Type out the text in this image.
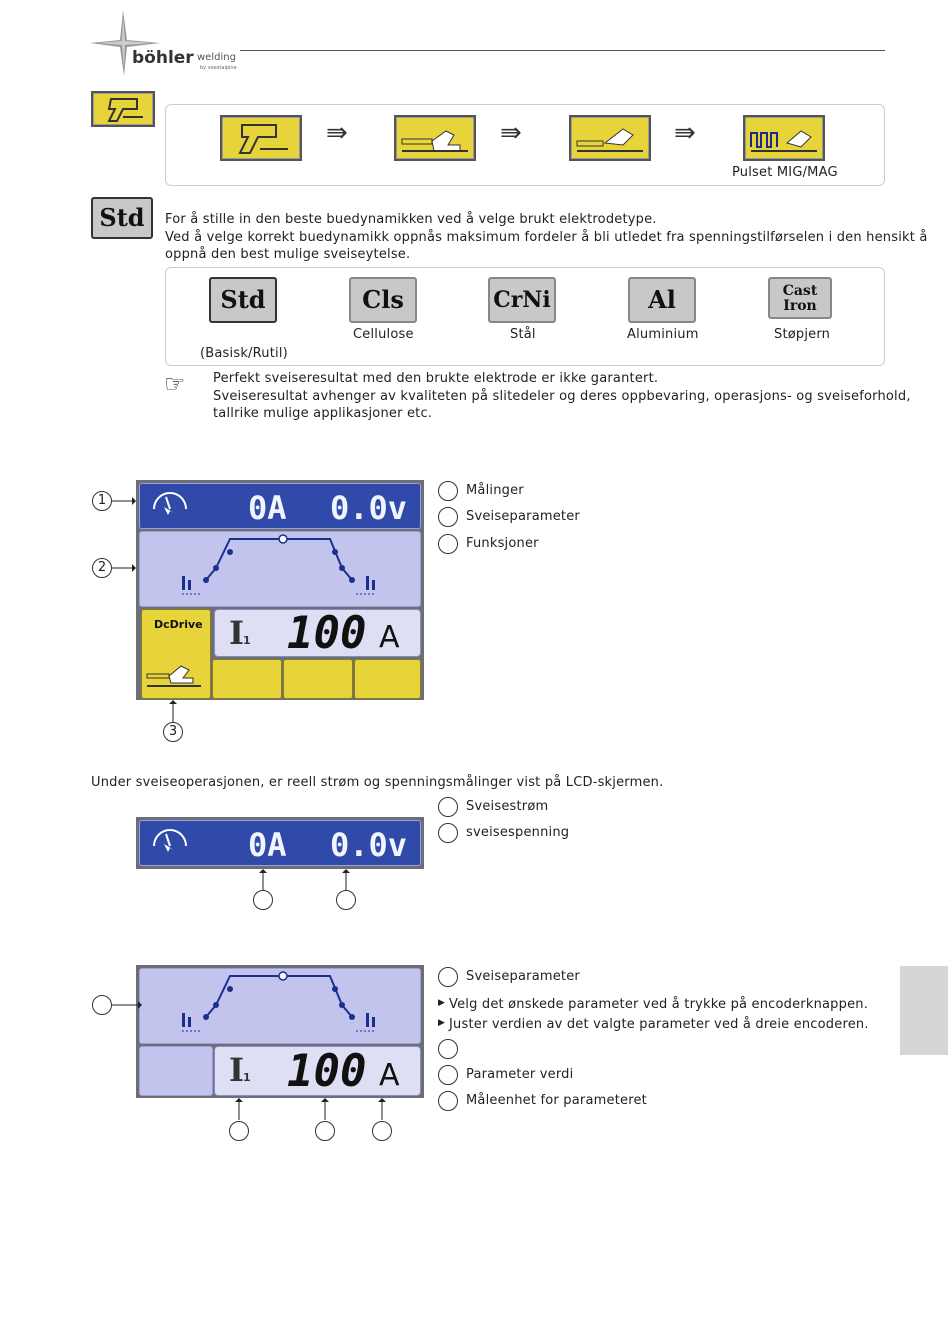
böhler welding
by voestalpine
⇛	⇛	⇛
Pulset MIG/MAG
Std	For å stille in den beste buedynamikken ved å velge brukt elektrodetype.
Ved å velge korrekt buedynamikk oppnås maksimum fordeler å bli utledet fra spenningstilførselen i den hensikt å
oppnå den best mulige sveiseytelse.
Std
(Basisk/Rutil)
Cls
Cellulose
CrNi
Stål
Al
Aluminium
Cast Iron
Støpjern
☞ Perfekt sveiseresultat med den brukte elektrode er ikke garantert.
Sveiseresultat avhenger av kvaliteten på slitedeler og deres oppbevaring, operasjons- og sveiseforhold,
tallrike mulige applikasjoner etc.
0A 0.0v
DcDrive I 1 100 A
1
2
3
Målinger
Sveiseparameter
Funksjoner
Under sveiseoperasjonen, er reell strøm og spenningsmålinger vist på LCD-skjermen.
Sveisestrøm
sveisespenning
0A 0.0v
I 1 100 A
Sveiseparameter
▶ Velg det ønskede parameter ved å trykke på encoderknappen.
▶ Juster verdien av det valgte parameter ved å dreie encoderen.
Parameter verdi
Måleenhet for parameteret
